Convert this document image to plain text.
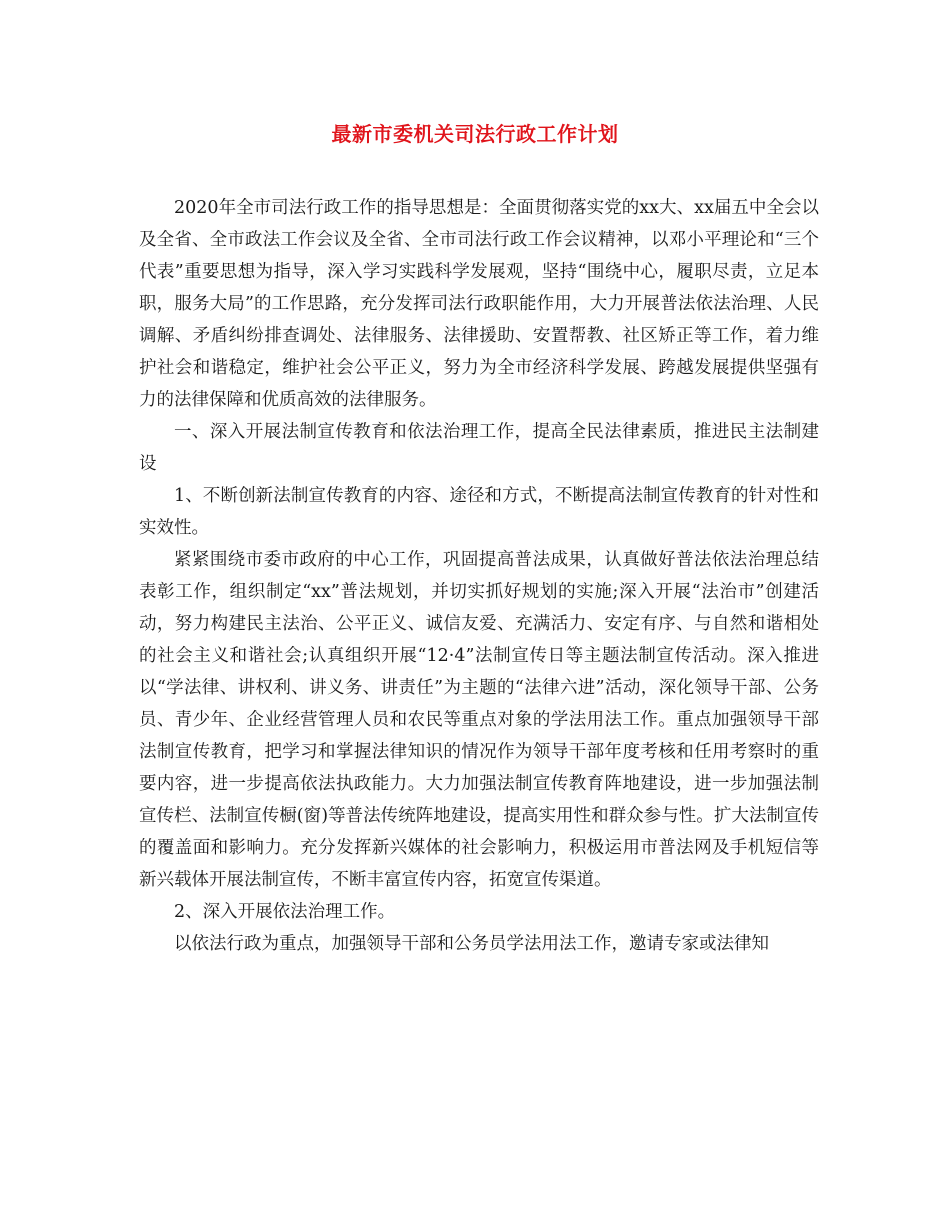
最新市委机关司法行政工作计划

2020年全市司法行政工作的指导思想是：全面贯彻落实党的xx大、xx届五中全会以及全省、全市政法工作会议及全省、全市司法行政工作会议精神，以邓小平理论和“三个代表”重要思想为指导，深入学习实践科学发展观，坚持“围绕中心，履职尽责，立足本职，服务大局”的工作思路，充分发挥司法行政职能作用，大力开展普法依法治理、人民调解、矛盾纠纷排查调处、法律服务、法律援助、安置帮教、社区矫正等工作，着力维护社会和谐稳定，维护社会公平正义，努力为全市经济科学发展、跨越发展提供坚强有力的法律保障和优质高效的法律服务。

一、深入开展法制宣传教育和依法治理工作，提高全民法律素质，推进民主法制建设

1、不断创新法制宣传教育的内容、途径和方式，不断提高法制宣传教育的针对性和实效性。

紧紧围绕市委市政府的中心工作，巩固提高普法成果，认真做好普法依法治理总结表彰工作，组织制定“xx”普法规划，并切实抓好规划的实施;深入开展“法治市”创建活动，努力构建民主法治、公平正义、诚信友爱、充满活力、安定有序、与自然和谐相处的社会主义和谐社会;认真组织开展“12·4”法制宣传日等主题法制宣传活动。深入推进以“学法律、讲权利、讲义务、讲责任”为主题的“法律六进”活动，深化领导干部、公务员、青少年、企业经营管理人员和农民等重点对象的学法用法工作。重点加强领导干部法制宣传教育，把学习和掌握法律知识的情况作为领导干部年度考核和任用考察时的重要内容，进一步提高依法执政能力。大力加强法制宣传教育阵地建设，进一步加强法制宣传栏、法制宣传橱(窗)等普法传统阵地建设，提高实用性和群众参与性。扩大法制宣传的覆盖面和影响力。充分发挥新兴媒体的社会影响力，积极运用市普法网及手机短信等新兴载体开展法制宣传，不断丰富宣传内容，拓宽宣传渠道。

2、深入开展依法治理工作。

以依法行政为重点，加强领导干部和公务员学法用法工作，邀请专家或法律知
